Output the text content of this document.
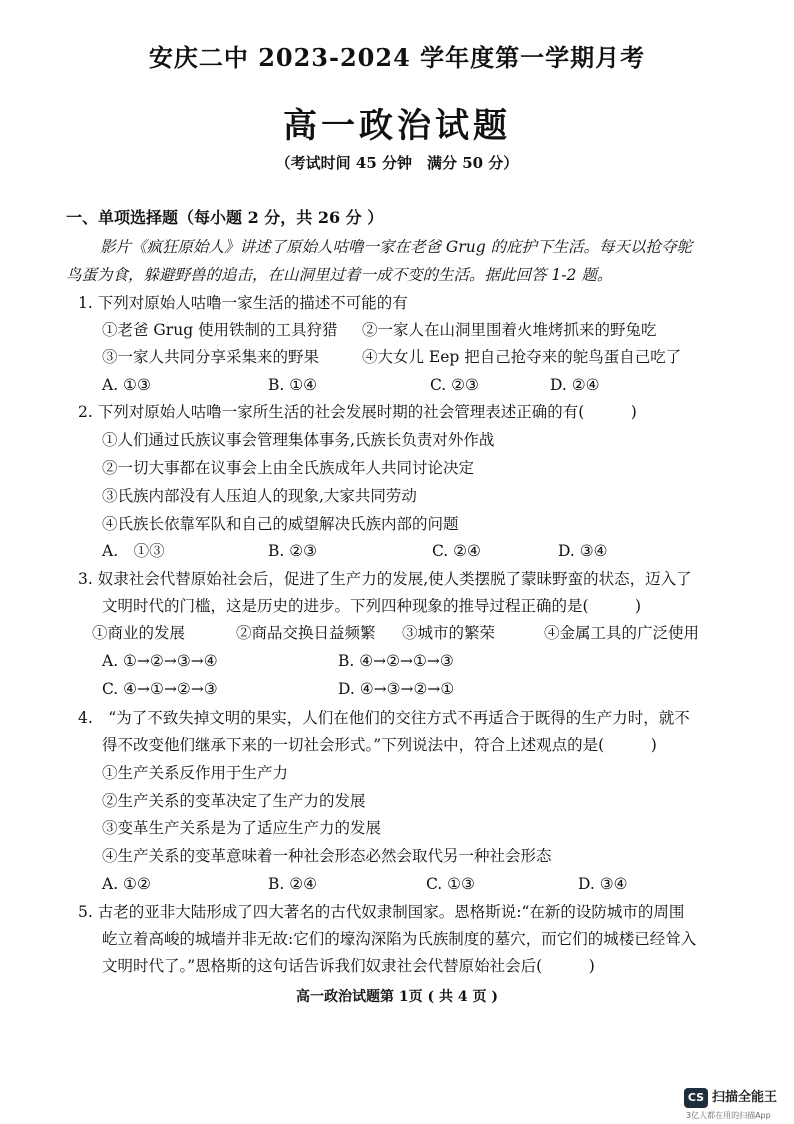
安庆二中 2023-2024 学年度第一学期月考
高一政治试题
（考试时间 45 分钟　满分 50 分）
一、单项选择题（每小题 2 分，共 26 分 ）
影片《疯狂原始人》讲述了原始人咕噜一家在老爸 Grug 的庇护下生活。每天以抢夺鸵
鸟蛋为食，躲避野兽的追击，在山洞里过着一成不变的生活。据此回答 1-2 题。
1. 下列对原始人咕噜一家生活的描述不可能的有
①老爸 Grug 使用铁制的工具狩猎 ②一家人在山洞里围着火堆烤抓来的野兔吃
③一家人共同分享采集来的野果	④大女儿 Eep 把自己抢夺来的鸵鸟蛋自己吃了
A. ①③	B. ①④	C. ②③	D. ②④
2. 下列对原始人咕噜一家所生活的社会发展时期的社会管理表述正确的有(　　　)
①人们通过氏族议事会管理集体事务,氏族长负责对外作战
②一切大事都在议事会上由全氏族成年人共同讨论决定
③氏族内部没有人压迫人的现象,大家共同劳动
④氏族长依靠军队和自己的威望解决氏族内部的问题
A.　①③	B. ②③	C. ②④	D. ③④
3. 奴隶社会代替原始社会后，促进了生产力的发展,使人类摆脱了蒙昧野蛮的状态，迈入了
文明时代的门槛，这是历史的进步。下列四种现象的推导过程正确的是(　　　)
①商业的发展	②商品交换日益频繁 ③城市的繁荣	④金属工具的广泛使用
A. ①→②→③→④	B. ④→②→①→③
C. ④→①→②→③	D. ④→③→②→①
4.　“为了不致失掉文明的果实，人们在他们的交往方式不再适合于既得的生产力时，就不
得不改变他们继承下来的一切社会形式。”下列说法中，符合上述观点的是(　　　)
①生产关系反作用于生产力
②生产关系的变革决定了生产力的发展
③变革生产关系是为了适应生产力的发展
④生产关系的变革意味着一种社会形态必然会取代另一种社会形态
A. ①②	B. ②④	C. ①③	D. ③④
5. 古老的亚非大陆形成了四大著名的古代奴隶制国家。恩格斯说:“在新的设防城市的周围
屹立着高峻的城墙并非无故:它们的壕沟深陷为氏族制度的墓穴，而它们的城楼已经耸入
文明时代了。”恩格斯的这句话告诉我们奴隶社会代替原始社会后(　　　)
高一政治试题第 1页 ( 共 4 页 )
CS 扫描全能王
3亿人都在用的扫描App
